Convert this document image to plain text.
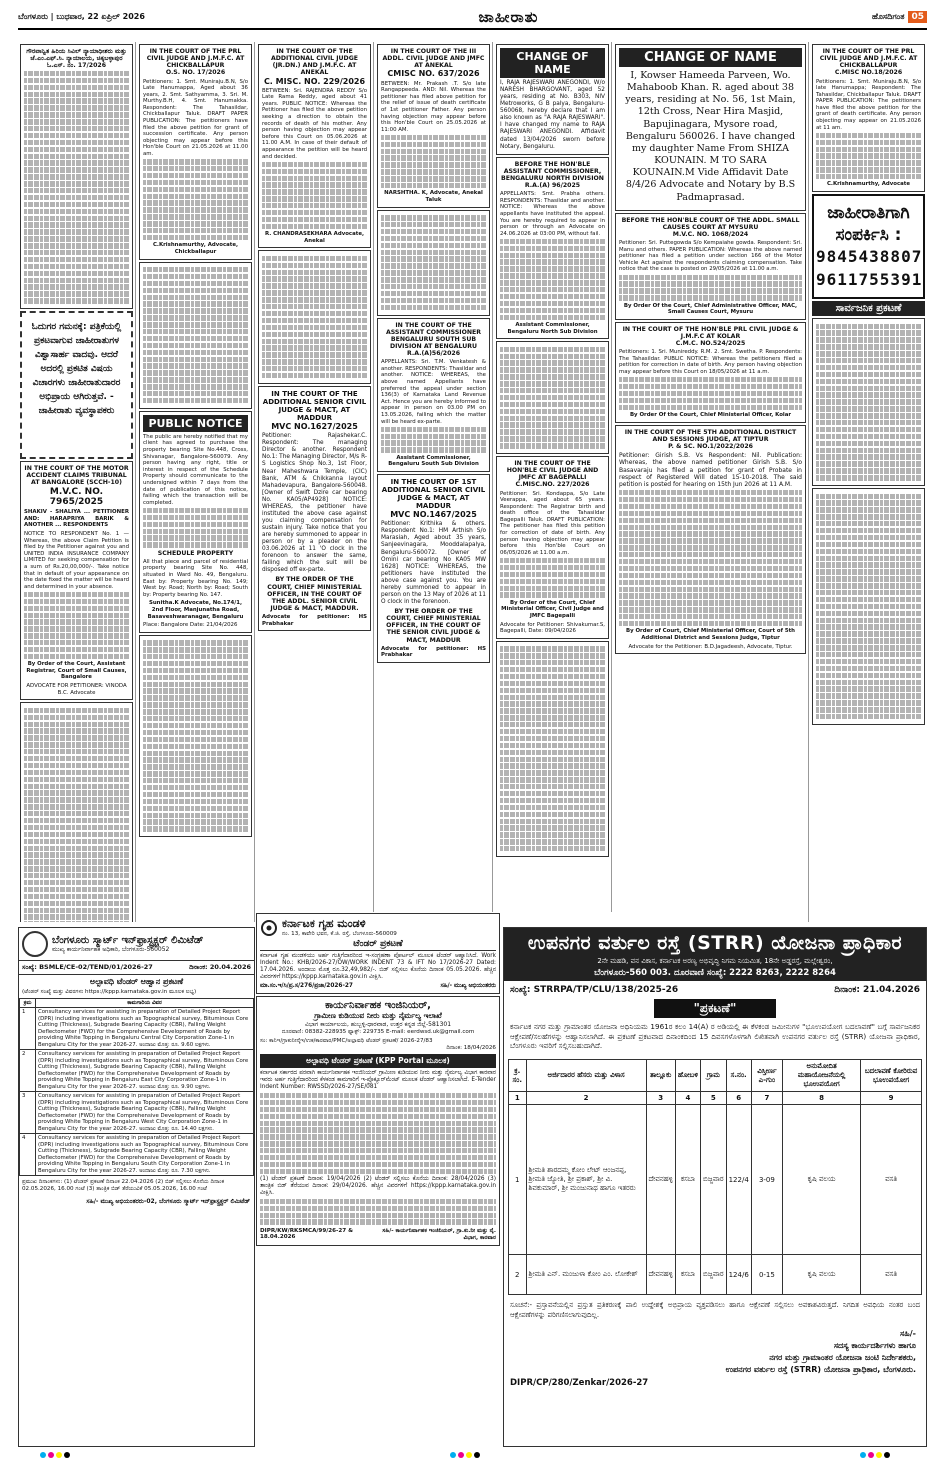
ಬೆಂಗಳೂರು | ಬುಧವಾರ, 22 ಏಪ್ರಿಲ್ 2026	ಜಾಹೀರಾತು	ಹೊಸದಿಗಂತ 05
ಗೌರವಾನ್ವಿತ ಹಿರಿಯ ಸಿವಿಲ್ ನ್ಯಾಯಾಧೀಶರು ಮತ್ತು ಜೆ.ಎಂ.ಎಫ್.ಸಿ. ನ್ಯಾಯಾಲಯ, ಚಿಕ್ಕಬಳ್ಳಾಪುರ
ಓ.ಎಸ್. ನಂ. 17/2026
ಓದುಗರ ಗಮನಕ್ಕೆ: ಪತ್ರಿಕೆಯಲ್ಲಿ ಪ್ರಕಟವಾಗುವ ಜಾಹೀರಾತುಗಳ ವಿಶ್ವಾಸಾರ್ಹ ವಾದವು. ಆದರೆ ಅದರಲ್ಲಿ ಪ್ರಕಟಿತ ವಿಷಯ ವಿಚಾರಗಳು ಜಾಹೀರಾತುದಾರರ ಅಭಿಪ್ರಾಯ ಆಗಿರುತ್ತವೆ. - ಜಾಹೀರಾತು ವ್ಯವಸ್ಥಾಪಕರು
IN THE COURT OF THE MOTOR ACCIDENT CLAIMS TRIBUNAL AT BANGALORE (SCCH-10)
M.V.C. NO. 7965/2025
SHAKIV - SHALIYA ... PETITIONER AND: HARAPRIYA BARIK & ANOTHER ... RESPONDENTS
NOTICE TO RESPONDENT No. 1 — Whereas, the above Claim Petition is filed by the Petitioner against you and UNITED INDIA INSURANCE COMPANY LIMITED for seeking compensation for a sum of Rs.20,00,000/-. Take notice that in default of your appearance on the date fixed the matter will be heard and determined in your absence.
By Order of the Court, Assistant Registrar, Court of Small Causes, Bangalore
ADVOCATE FOR PETITIONER: VINODA B.C. Advocate
IN THE COURT OF THE PRL CIVIL JUDGE AND J.M.F.C. AT CHICKBALLAPUR
O.S. NO. 17/2026
Petitioners: 1. Smt. Muniraju.B.N, S/o Late Hanumappa, Aged about 36 years, 2. Smt. Sathyamma, 3. Sri. M. Murthy.B.H, 4. Smt. Hanumakka. Respondent: The Tahasildar, Chickballapur Taluk. DRAFT PAPER PUBLICATION: The petitioners have filed the above petition for grant of succession certificate. Any person objecting may appear before this Hon'ble Court on 21.05.2026 at 11.00 am.
C.Krishnamurthy, Advocate, Chickballapur
PUBLIC NOTICE
The public are hereby notified that my client has agreed to purchase the property bearing Site No.448, Cross, Shivanagar, Bangalore-560079. Any person having any right, title or interest in respect of the Schedule Property should communicate to the undersigned within 7 days from the date of publication of this notice, failing which the transaction will be completed.
SCHEDULE PROPERTY
All that piece and parcel of residential property bearing Site No. 448, situated in Ward No. 49, Bengaluru. East by: Property bearing No. 149; West by: Road; North by: Road; South by: Property bearing No. 147.
Sunitha.K Advocate, No.174/1, 2nd Floor, Manjunatha Road, Basaveshwaranagar, Bengaluru
Place: Bangalore Date: 21/04/2026
IN THE COURT OF THE ADDITIONAL CIVIL JUDGE (JR.DN.) AND J.M.F.C. AT ANEKAL
C. MISC. NO. 229/2026
BETWEEN: Sri. RAJENDRA REDDY S/o Late Rama Reddy, aged about 41 years. PUBLIC NOTICE: Whereas the Petitioner has filed the above petition seeking a direction to obtain the records of death of his mother. Any person having objection may appear before this Court on 05.06.2026 at 11.00 A.M. In case of their default of appearance the petition will be heard and decided.
R. CHANDRASEKHARA Advocate, Anekal
IN THE COURT OF THE ADDITIONAL SENIOR CIVIL JUDGE & MACT, AT MADDUR
MVC NO.1627/2025
Petitioner: Rajashekar.C. Respondent: The managing Director & another. Respondent No.1: The Managing Director, M/s R-S Logistics Shop No.3, 1st Floor, Near Maheshwara Temple, (CIC) Bank, ATM & Chikkanna layout Mahadevapura, Bangalore-560048. [Owner of Swift Dzire car bearing No. KA05/AP4928] NOTICE: WHEREAS, the petitioner have instituted the above case against you claiming compensation for sustain injury. Take notice that you are hereby summoned to appear in person or by a pleader on the 03.06.2026 at 11 'O clock in the forenoon to answer the same, failing which the suit will be disposed off ex-parte.
BY THE ORDER OF THE COURT, CHIEF MINISTERIAL OFFICER, IN THE COURT OF THE ADDL. SENIOR CIVIL JUDGE & MACT, MADDUR.
Advocate for petitioner: HS Prabhakar
IN THE COURT OF THE III ADDL. CIVIL JUDGE AND JMFC AT ANEKAL
CMISC NO. 637/2026
BETWEEN: Mr. Prakash .T. S/o late Rangappeeda. AND: Nil. Whereas the petitioner has filed above petition for the relief of issue of death certificate of 1st petitioner Father. Any person having objection may appear before this Hon'ble Court on 25.05.2026 at 11:00 AM.
NARSHTHA. K, Advocate, Anekal Taluk
IN THE COURT OF THE ASSISTANT COMMISSIONER BENGALURU SOUTH SUB DIVISION AT BENGALURU
R.A.(A)56/2026
APPELLANTS: Sri. T.M. Venkatesh & another. RESPONDENTS: Thasildar and another. NOTICE: WHEREAS, the above named Appellants have preferred the appeal under section 136(3) of Karnataka Land Revenue Act. Hence you are hereby informed to appear in person on 03.00 PM on 13.05.2026, failing which the matter will be heard ex-parte.
Assistant Commissioner, Bengaluru South Sub Division
IN THE COURT OF 1ST ADDITIONAL SENIOR CIVIL JUDGE & MACT, AT MADDUR
MVC NO.1467/2025
Petitioner: Krithika & others. Respondent No.1: HM Arthish S/o Marasiah, Aged about 35 years, Sanjeevinagara, Mooddalapalya, Bengaluru-560072. [Owner of Omini car bearing No KA05 MW 1628] NOTICE: WHEREAS, the petitioners have instituted the above case against you. You are hereby summoned to appear in person on the 13 May of 2026 at 11 O clock in the forenoon.
BY THE ORDER OF THE COURT, CHIEF MINISTERIAL OFFICER, IN THE COURT OF THE SENIOR CIVIL JUDGE & MACT, MADDUR
Advocate for petitioner: HS Prabhakar
CHANGE OF NAME
I, RAJA RAJESWARI ANEGONDI, W/o NARESH BHARGOVANT, aged 52 years, residing at No. B303, NIV Metroworks, G B palya, Bengaluru-560068, hereby declare that I am also known as "A RAJA RAJESWARI". I have changed my name to RAJA RAJESWARI ANEGONDI. Affidavit dated 13/04/2026 sworn before Notary, Bengaluru.
BEFORE THE HON'BLE ASSISTANT COMMISSIONER, BENGALURU NORTH DIVISION
R.A.(A) 96/2025
APPELLANTS: Smt. Prabha others. RESPONDENTS: Thasildar and another. NOTICE: Whereas the above appellants have instituted the appeal. You are hereby required to appear in person or through an Advocate on 24.06.2026 at 03:00 PM, without fail.
Assistant Commissioner, Bengaluru North Sub Division
IN THE COURT OF THE HON'BLE CIVIL JUDGE AND JMFC AT BAGEPALLI
C.MISC.NO. 227/2026
Petitioner: Sri. Kondappa, S/o Late Veerappa, aged about 65 years. Respondent: The Registrar birth and death office of the Tahasildar Bagepalli Taluk. DRAFT PUBLICATION: The petitioner has filed this petition for correction of date of birth. Any person having objection may appear before this Hon'ble Court on 06/05/2026 at 11.00 a.m.
By Order of the Court, Chief Ministerial Officer, Civil Judge and JMFC Bagepalli
Advocate for Petitioner: Shivakumar.S, Bagepalli, Date: 09/04/2026
CHANGE OF NAME
I, Kowser Hameeda Parveen, Wo. Mahaboob Khan. R. aged about 38 years, residing at No. 56, 1st Main, 12th Cross, Near Hira Masjid, Bapujinagara, Mysore road, Bengaluru 560026. I have changed my daughter Name From SHIZA KOUNAIN. M TO SARA KOUNAIN.M Vide Affidavit Date 8/4/26 Advocate and Notary by B.S Padmaprasad.
BEFORE THE HON'BLE COURT OF THE ADDL. SMALL CAUSES COURT AT MYSURU
M.V.C. NO. 1068/2024
Petitioner: Sri. Puttegowda S/o Kempaiahe gowda. Respondent: Sri. Manu and others. PAPER PUBLICATION: Whereas the above named petitioner has filed a petition under section 166 of the Motor Vehicle Act against the respondents claiming compensation. Take notice that the case is posted on 29/05/2026 at 11.00 a.m.
By Order Of the Court, Chief Administrative Officer, MAC, Small Causes Court, Mysuru
IN THE COURT OF THE HON'BLE PRL CIVIL JUDGE & J.M.F.C AT KOLAR
C.M.C. NO.524/2025
Petitioners: 1. Sri. Munireddy. R.M. 2. Smt. Swetha. P. Respondents: The Tahasildar. PUBLIC NOTICE: Whereas the petitioners filed a petition for correction in date of birth. Any person having objection may appear before this Court on 18/05/2026 at 11 a.m.
By Order Of the Court, Chief Ministerial Officer, Kolar
IN THE COURT OF THE 5TH ADDITIONAL DISTRICT AND SESSIONS JUDGE, AT TIPTUR
P. & SC. NO.1/2022/2026
Petitioner: Girish S.B. Vs Respondent: Nil. Publication: Whereas, the above named petitioner Girish S.B. S/o Basavaraju has filed a petition for grant of Probate in respect of Registered Will dated 15-10-2018. The said petition is posted for hearing on 15th Jun 2026 at 11 A.M.
By Order of Court, Chief Ministerial Officer, Court of 5th Additional District and Sessions Judge, Tiptur
Advocate for the Petitioner: B.D.Jagadeesh, Advocate, Tiptur.
IN THE COURT OF THE PRL CIVIL JUDGE AND J.M.F.C. AT CHICKBALLAPUR
C.MISC NO.18/2026
Petitioners: 1. Smt. Muniraju.B.N, S/o late Hanumappa; Respondent: The Tahasildar, Chickballapur Taluk. DRAFT PAPER PUBLICATION: The petitioners have filed the above petition for the grant of death certificate. Any person objecting may appear on 21.05.2026 at 11 am.
C.Krishnamurthy, Advocate
ಜಾಹೀರಾತಿಗಾಗಿ ಸಂಪರ್ಕಿಸಿ :
9845438807
9611755391
ಸಾರ್ವಜನಿಕ ಪ್ರಕಟಣೆ
ಬೆಂಗಳೂರು ಸ್ಮಾರ್ಟ್ ಇನ್‌ಫ್ರಾಸ್ಟ್ರಕ್ಚರ್ ಲಿಮಿಟೆಡ್
ಮುಖ್ಯ ಕಾರ್ಯನಿರ್ವಾಹಕ ಅಧಿಕಾರಿ, ಬೆಂಗಳೂರು-560052
ಸಂಖ್ಯೆ: BSMLE/CE-02/TEND/01/2026-27	ದಿನಾಂಕ: 20.04.2026
ಅಲ್ಪಾವಧಿ ಟೆಂಡರ್ ಆಹ್ವಾನ ಪ್ರಕಟಣೆ
(ಟೆಂಡರ್ ಸಂಖ್ಯೆ ಮತ್ತು ವಿವರಗಳು https://kppp.karnataka.gov.in ಮೂಲಕ ಲಭ್ಯ)
ಕ್ರಮ	ಕಾಮಗಾರಿಯ ವಿವರ
1	Consultancy services for assisting in preparation of Detailed Project Report (DPR) including investigations such as Topographical survey, Bituminous Core Cutting (Thickness), Subgrade Bearing Capacity (CBR), Falling Weight Deflectometer (FWD) for the Comprehensive Development of Roads by providing White Topping in Bengaluru Central City Corporation Zone-1 in Bengaluru City for the year 2026-27. ಅಂದಾಜು ಮೊತ್ತ: ರೂ. 9.60 ಲಕ್ಷಗಳು.
2	Consultancy services for assisting in preparation of Detailed Project Report (DPR) including investigations such as Topographical survey, Bituminous Core Cutting (Thickness), Subgrade Bearing Capacity (CBR), Falling Weight Deflectometer (FWD) for the Comprehensive Development of Roads by providing White Topping in Bengaluru East City Corporation Zone-1 in Bengaluru City for the year 2026-27. ಅಂದಾಜು ಮೊತ್ತ: ರೂ. 9.90 ಲಕ್ಷಗಳು.
3	Consultancy services for assisting in preparation of Detailed Project Report (DPR) including investigations such as Topographical survey, Bituminous Core Cutting (Thickness), Subgrade Bearing Capacity (CBR), Falling Weight Deflectometer (FWD) for the Comprehensive Development of Roads by providing White Topping in Bengaluru West City Corporation Zone-1 in Bengaluru City for the year 2026-27. ಅಂದಾಜು ಮೊತ್ತ: ರೂ. 14.40 ಲಕ್ಷಗಳು.
4	Consultancy services for assisting in preparation of Detailed Project Report (DPR) including investigations such as Topographical survey, Bituminous Core Cutting (Thickness), Subgrade Bearing Capacity (CBR), Falling Weight Deflectometer (FWD) for the Comprehensive Development of Roads by providing White Topping in Bengaluru South City Corporation Zone-1 in Bengaluru City for the year 2026-27. ಅಂದಾಜು ಮೊತ್ತ: ರೂ. 7.30 ಲಕ್ಷಗಳು.
ಪ್ರಮುಖ ದಿನಾಂಕಗಳು: (1) ಟೆಂಡರ್ ಪ್ರಕಟಣೆ ದಿನಾಂಕ 22.04.2026 (2) ಬಿಡ್ ಸಲ್ಲಿಸಲು ಕೊನೆಯ ದಿನಾಂಕ 02.05.2026, 16.00 ಗಂಟೆ (3) ತಾಂತ್ರಿಕ ಬಿಡ್ ತೆರೆಯುವಿಕೆ 05.05.2026, 16.00 ಗಂಟೆ
ಸಹಿ/- ಮುಖ್ಯ ಅಭಿಯಂತರರು-02, ಬೆಂಗಳೂರು ಸ್ಮಾರ್ಟ್ ಇನ್‌ಫ್ರಾಸ್ಟ್ರಕ್ಚರ್ ಲಿಮಿಟೆಡ್
ಕರ್ನಾಟಕ ಗೃಹ ಮಂಡಳಿ
ನಂ. 13, ಕಾವೇರಿ ಭವನ, ಕೆ.ಜಿ. ರಸ್ತೆ, ಬೆಂಗಳೂರು-560009
ಟೆಂಡರ್ ಪ್ರಕಟಣೆ
ಕರ್ನಾಟಕ ಗೃಹ ಮಂಡಳಿಯು ಅರ್ಹ ಗುತ್ತಿಗೆದಾರರಿಂದ ಇ-ಸಂಗ್ರಹಣಾ ಪೋರ್ಟಲ್ ಮೂಲಕ ಟೆಂಡರ್ ಆಹ್ವಾನಿಸಿದೆ. Work Indent No.: KHB/2026-27/OW/WORK INDENT 73 & IFT No 17/2026-27 Dated: 17.04.2026. ಅಂದಾಜು ಮೊತ್ತ ರೂ.32,49,982/-. ಬಿಡ್ ಸಲ್ಲಿಸಲು ಕೊನೆಯ ದಿನಾಂಕ 05.05.2026. ಹೆಚ್ಚಿನ ವಿವರಗಳಿಗೆ https://kppp.karnataka.gov.in ವೀಕ್ಷಿಸಿ.
ಮಾ.ಸಂ.ಇ/ಸಿ/ಪ್ರ.ಸ/276/ಪ್ರಜಾ/2026-27	ಸಹಿ/- ಮುಖ್ಯ ಅಭಿಯಂತರರು
ಕಾರ್ಯನಿರ್ವಾಹಕ ಇಂಜಿನಿಯರ್,
ಗ್ರಾಮೀಣ ಕುಡಿಯುವ ನೀರು ಮತ್ತು ನೈರ್ಮಲ್ಯ ಇಲಾಖೆ
ವಿಭಾಗ ಕಾರ್ಯಾಲಯ, ಹುಬ್ಬಳ್ಳಿ-ಧಾರವಾಡ, ಉತ್ತರ ಕನ್ನಡ ಜಿಲ್ಲೆ-581301
ದೂರವಾಣಿ: 08382-228935 ಫ್ಯಾಕ್ಸ್: 229735 E-mail: eerdwsd.uk@gmail.com
ಸಂ: ಕಾನಿಇ/ಗ್ರಾಕುನೀನೈಇ/ಉಕ/ಕಾರವಾರ/PMC/ಅಲ್ಪಾವಧಿ ಟೆಂಡರ್ ಪ್ರಕಟಣೆ/ 2026-27/83
ದಿನಾಂಕ: 18/04/2026
ಅಲ್ಪಾವಧಿ ಟೆಂಡರ್ ಪ್ರಕಟಣೆ (KPP Portal ಮೂಲಕ)
ಕರ್ನಾಟಕ ಸರ್ಕಾರದ ಪರವಾಗಿ ಕಾರ್ಯನಿರ್ವಾಹಕ ಇಂಜಿನಿಯರ್ ಗ್ರಾಮೀಣ ಕುಡಿಯುವ ನೀರು ಮತ್ತು ನೈರ್ಮಲ್ಯ ವಿಭಾಗ ಕಾರವಾರ ಇವರು ಅರ್ಹ ಗುತ್ತಿಗೆದಾರರಿಂದ ಕೆಳಕಂಡ ಕಾಮಗಾರಿಗೆ ಇ-ಪ್ರೊಕ್ಯೂರ್‌ಮೆಂಟ್ ಮೂಲಕ ಟೆಂಡರ್ ಆಹ್ವಾನಿಸಲಾಗಿದೆ. E-Tender Indent Number: RWSSD/2026-27/SE/081
(1) ಟೆಂಡರ್ ಪ್ರಕಟಣೆ ದಿನಾಂಕ: 19/04/2026 (2) ಟೆಂಡರ್ ಸಲ್ಲಿಸಲು ಕೊನೆಯ ದಿನಾಂಕ: 28/04/2026 (3) ತಾಂತ್ರಿಕ ಬಿಡ್ ತೆರೆಯುವ ದಿನಾಂಕ: 29/04/2026. ಹೆಚ್ಚಿನ ವಿವರಗಳಿಗೆ https://kppp.karnataka.gov.in ವೀಕ್ಷಿಸಿ.
DIPR/KW/RKSMCA/99/26-27 & 18.04.2026
ಸಹಿ/- ಕಾರ್ಯನಿರ್ವಾಹಕ ಇಂಜಿನಿಯರ್, ಗ್ರಾ.ಕು.ನೀ ಮತ್ತು ನೈ. ವಿಭಾಗ, ಕಾರವಾರ
ಉಪನಗರ ವರ್ತುಲ ರಸ್ತೆ (STRR) ಯೋಜನಾ ಪ್ರಾಧಿಕಾರ
2ನೇ ಮಹಡಿ, ವನ ವಿಕಾಸ, ಕರ್ನಾಟಕ ಅರಣ್ಯ ಅಭಿವೃದ್ಧಿ ನಿಗಮ ನಿಯಮಿತ, 18ನೇ ಅಡ್ಡರಸ್ತೆ, ಮಲ್ಲೇಶ್ವರಂ,
ಬೆಂಗಳೂರು-560 003. ದೂರವಾಣಿ ಸಂಖ್ಯೆ: 2222 8263, 2222 8264
ಸಂಖ್ಯೆ: STRRPA/TP/CLU/138/2025-26	ದಿನಾಂಕ: 21.04.2026
"ಪ್ರಕಟಣೆ"
ಕರ್ನಾಟಕ ನಗರ ಮತ್ತು ಗ್ರಾಮಾಂತರ ಯೋಜನಾ ಅಧಿನಿಯಮ 1961ರ ಕಲಂ 14(A) ರ ಅಡಿಯಲ್ಲಿ ಈ ಕೆಳಕಂಡ ಜಮೀನುಗಳ "ಭೂಉಪಯೋಗ ಬದಲಾವಣೆ" ಬಗ್ಗೆ ಸಾರ್ವಜನಿಕರ ಆಕ್ಷೇಪಣೆ/ಸಲಹೆಗಳನ್ನು ಆಹ್ವಾನಿಸಲಾಗಿದೆ. ಈ ಪ್ರಕಟಣೆ ಪ್ರಕಟವಾದ ದಿನಾಂಕದಿಂದ 15 ದಿವಸಗಳೊಳಗಾಗಿ ಲಿಖಿತವಾಗಿ ಉಪನಗರ ವರ್ತುಲ ರಸ್ತೆ (STRR) ಯೋಜನಾ ಪ್ರಾಧಿಕಾರ, ಬೆಂಗಳೂರು ಇವರಿಗೆ ಸಲ್ಲಿಸಬಹುದಾಗಿದೆ.
ಕ್ರ. ಸಂ.	ಅರ್ಜಿದಾರರ ಹೆಸರು ಮತ್ತು ವಿಳಾಸ	ತಾಲ್ಲೂಕು	ಹೋಬಳಿ	ಗ್ರಾಮ	ಸ.ನಂ.	ವಿಸ್ತೀರ್ಣ ಎ-ಗುಂ	ಅನುಮೋದಿತ ಮಹಾಯೋಜನೆಯಲ್ಲಿ ಭೂಉಪಯೋಗ	ಬದಲಾವಣೆ ಕೋರಿರುವ ಭೂಉಪಯೋಗ
1	2	3	4	5	6	7	8	9
1	ಶ್ರೀಮತಿ ಶಾರದಮ್ಮ ಕೋಂ ಲೇಟ್ ಆಂಜನಪ್ಪ, ಶ್ರೀಮತಿ ಜ್ಯೋತಿ, ಶ್ರೀ ಪ್ರಕಾಶ್, ಶ್ರೀ ವಿ. ಶಿವಕುಮಾರ್, ಶ್ರೀ ಮಂಜುನಾಥ ಹಾಗೂ ಇತರರು	ದೇವನಹಳ್ಳಿ	ಕಸಬಾ	ಬಿಜ್ಜವಾರ	122/4	3-09	ಕೃಷಿ ವಲಯ	ವಸತಿ
2	ಶ್ರೀಮತಿ ಎನ್. ಮಂಜುಳಾ ಕೋಂ ಎಂ. ಲೋಕೇಶ್	ದೇವನಹಳ್ಳಿ	ಕಸಬಾ	ಬಿಜ್ಜವಾರ	124/6	0-15	ಕೃಷಿ ವಲಯ	ವಸತಿ
ಸೂಚನೆ:- ಪ್ರಸ್ತಾವನೆಯಲ್ಲಿನ ಪ್ರಸ್ತುತ ಪ್ರತಿಕರಣಕ್ಕೆ ಪಾಲಿ ಉದ್ದೇಶಕ್ಕೆ ಅಭಿಪ್ರಾಯ ವ್ಯಕ್ತಪಡಿಸಲು ಹಾಗೂ ಆಕ್ಷೇಪಣೆ ಸಲ್ಲಿಸಲು ಅವಕಾಶವಿರುತ್ತದೆ. ನಿಗದಿತ ಅವಧಿಯ ನಂತರ ಬಂದ ಆಕ್ಷೇಪಣೆಗಳನ್ನು ಪರಿಗಣಿಸಲಾಗುವುದಿಲ್ಲ.
ಸಹಿ/-
ಸದಸ್ಯ ಕಾರ್ಯದರ್ಶಿಗಳು ಹಾಗೂ
ನಗರ ಮತ್ತು ಗ್ರಾಮಾಂತರ ಯೋಜನಾ ಜಂಟಿ ನಿರ್ದೇಶಕರು,
ಉಪನಗರ ವರ್ತುಲ ರಸ್ತೆ (STRR) ಯೋಜನಾ ಪ್ರಾಧಿಕಾರ, ಬೆಂಗಳೂರು.
DIPR/CP/280/Zenkar/2026-27
